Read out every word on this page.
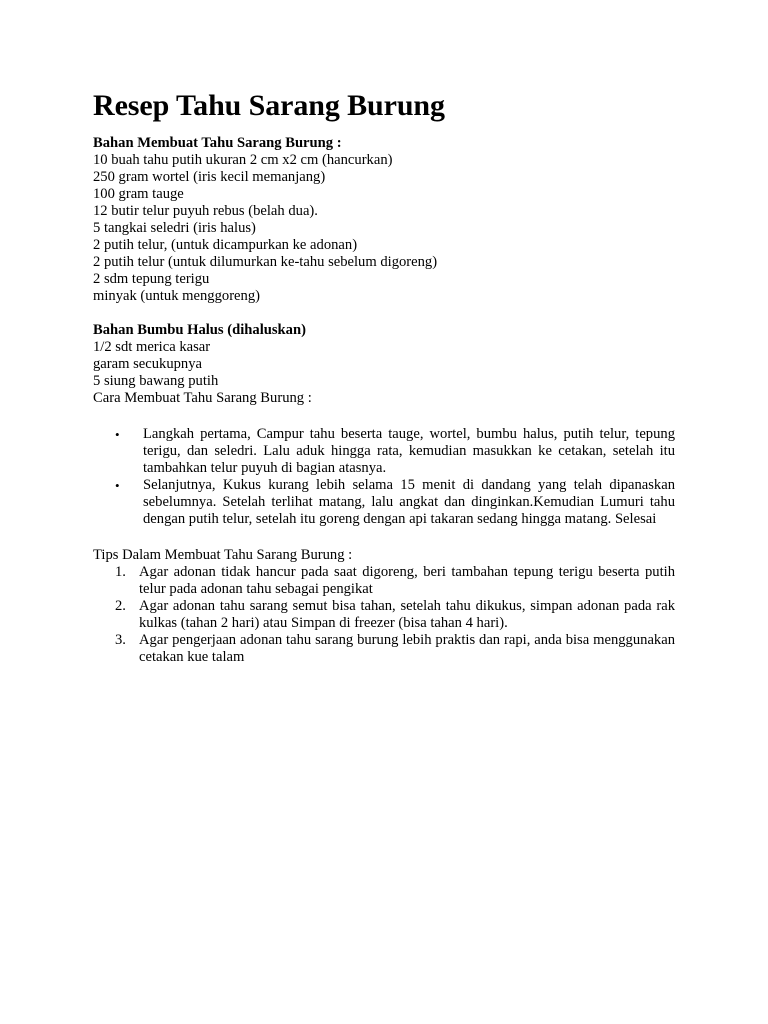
Resep Tahu Sarang Burung
Bahan Membuat Tahu Sarang Burung :
10 buah tahu putih ukuran 2 cm x2 cm (hancurkan)
250 gram wortel (iris kecil memanjang)
100 gram tauge
12 butir telur puyuh rebus (belah dua).
5 tangkai seledri (iris halus)
2 putih telur, (untuk dicampurkan ke adonan)
2 putih telur (untuk dilumurkan ke-tahu sebelum digoreng)
2 sdm tepung terigu
minyak (untuk menggoreng)
Bahan Bumbu Halus (dihaluskan)
1/2 sdt merica kasar
garam secukupnya
5 siung bawang putih
Cara Membuat Tahu Sarang Burung :
• Langkah pertama, Campur tahu beserta tauge, wortel, bumbu halus, putih telur, tepung terigu, dan seledri. Lalu aduk hingga rata, kemudian masukkan ke cetakan, setelah itu tambahkan telur puyuh di bagian atasnya.
• Selanjutnya, Kukus kurang lebih selama 15 menit di dandang yang telah dipanaskan sebelumnya. Setelah terlihat matang, lalu angkat dan dinginkan.Kemudian Lumuri tahu dengan putih telur, setelah itu goreng dengan api takaran sedang hingga matang. Selesai
Tips Dalam Membuat Tahu Sarang Burung :
1. Agar adonan tidak hancur pada saat digoreng, beri tambahan tepung terigu beserta putih telur pada adonan tahu sebagai pengikat
2. Agar adonan tahu sarang semut bisa tahan, setelah tahu dikukus, simpan adonan pada rak kulkas (tahan 2 hari) atau Simpan di freezer (bisa tahan 4 hari).
3. Agar pengerjaan adonan tahu sarang burung lebih praktis dan rapi, anda bisa menggunakan cetakan kue talam
